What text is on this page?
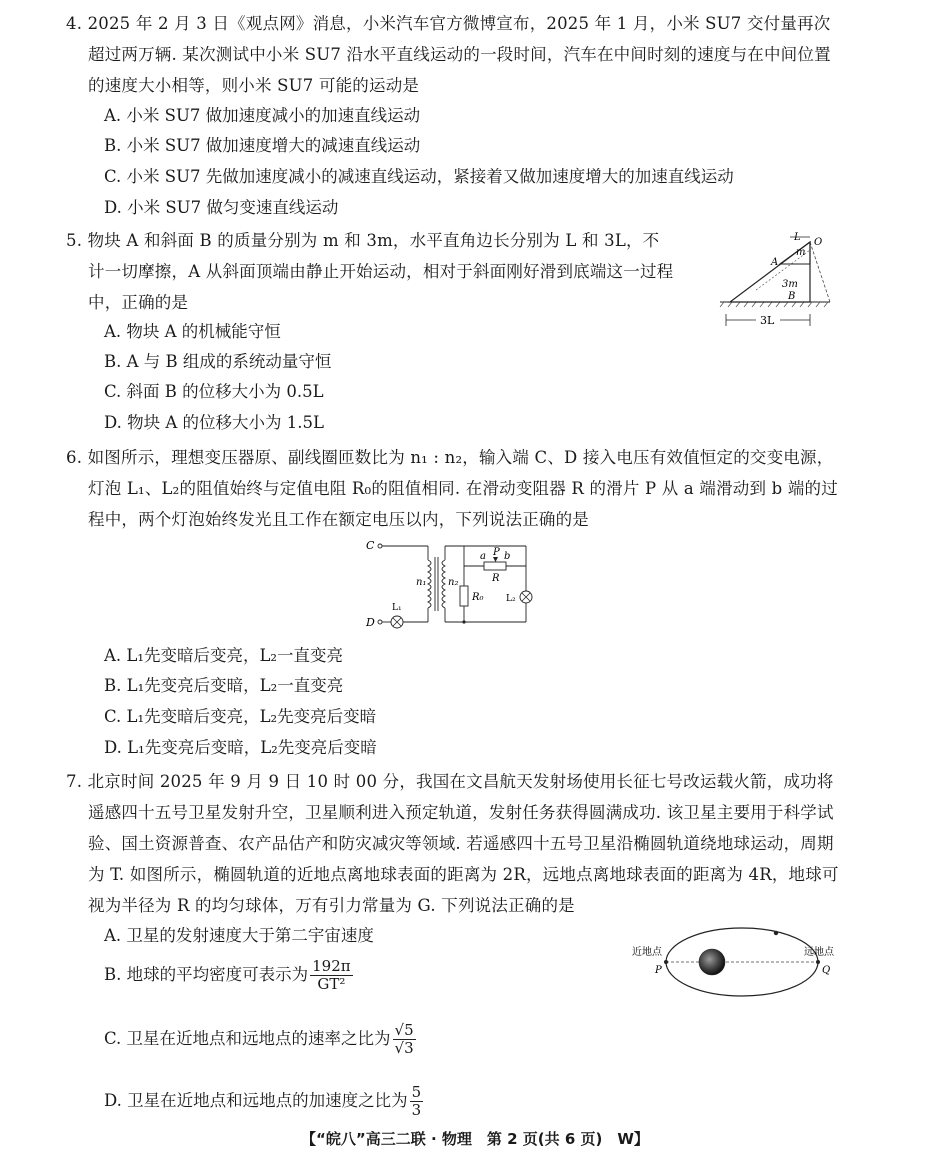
4. 2025 年 2 月 3 日《观点网》消息，小米汽车官方微博宣布，2025 年 1 月，小米 SU7 交付量再次超过两万辆. 某次测试中小米 SU7 沿水平直线运动的一段时间，汽车在中间时刻的速度与在中间位置的速度大小相等，则小米 SU7 可能的运动是
A. 小米 SU7 做加速度减小的加速直线运动
B. 小米 SU7 做加速度增大的减速直线运动
C. 小米 SU7 先做加速度减小的减速直线运动，紧接着又做加速度增大的加速直线运动
D. 小米 SU7 做匀变速直线运动
5. 物块 A 和斜面 B 的质量分别为 m 和 3m，水平直角边长分别为 L 和 3L，不计一切摩擦，A 从斜面顶端由静止开始运动，相对于斜面刚好滑到底端这一过程中，正确的是
A. 物块 A 的机械能守恒
B. A 与 B 组成的系统动量守恒
C. 斜面 B 的位移大小为 0.5L
D. 物块 A 的位移大小为 1.5L
L O
m
A
3m
B
3L
6. 如图所示，理想变压器原、副线圈匝数比为 n₁ : n₂，输入端 C、D 接入电压有效值恒定的交变电源，灯泡 L₁、L₂的阻值始终与定值电阻 R₀的阻值相同. 在滑动变阻器 R 的滑片 P 从 a 端滑动到 b 端的过程中，两个灯泡始终发光且工作在额定电压以内，下列说法正确的是
C
n₁ n₂
D
L₁
a P b
R
R₀ L₂
A. L₁先变暗后变亮，L₂一直变亮
B. L₁先变亮后变暗，L₂一直变亮
C. L₁先变暗后变亮，L₂先变亮后变暗
D. L₁先变亮后变暗，L₂先变亮后变暗
7. 北京时间 2025 年 9 月 9 日 10 时 00 分，我国在文昌航天发射场使用长征七号改运载火箭，成功将遥感四十五号卫星发射升空，卫星顺利进入预定轨道，发射任务获得圆满成功. 该卫星主要用于科学试验、国土资源普查、农产品估产和防灾减灾等领域. 若遥感四十五号卫星沿椭圆轨道绕地球运动，周期为 T. 如图所示，椭圆轨道的近地点离地球表面的距离为 2R，远地点离地球表面的距离为 4R，地球可视为半径为 R 的均匀球体，万有引力常量为 G. 下列说法正确的是
A. 卫星的发射速度大于第二宇宙速度
B. 地球的平均密度可表示为 $\frac{192\pi}{\text{GT²}}$
C. 卫星在近地点和远地点的速率之比为 $\frac{√5}{√3}$
D. 卫星在近地点和远地点的加速度之比为 $\frac{5}{3}$
近地点	远地点
P	Q
【“皖八”高三二联 · 物理　第 2 页(共 6 页)　W】
